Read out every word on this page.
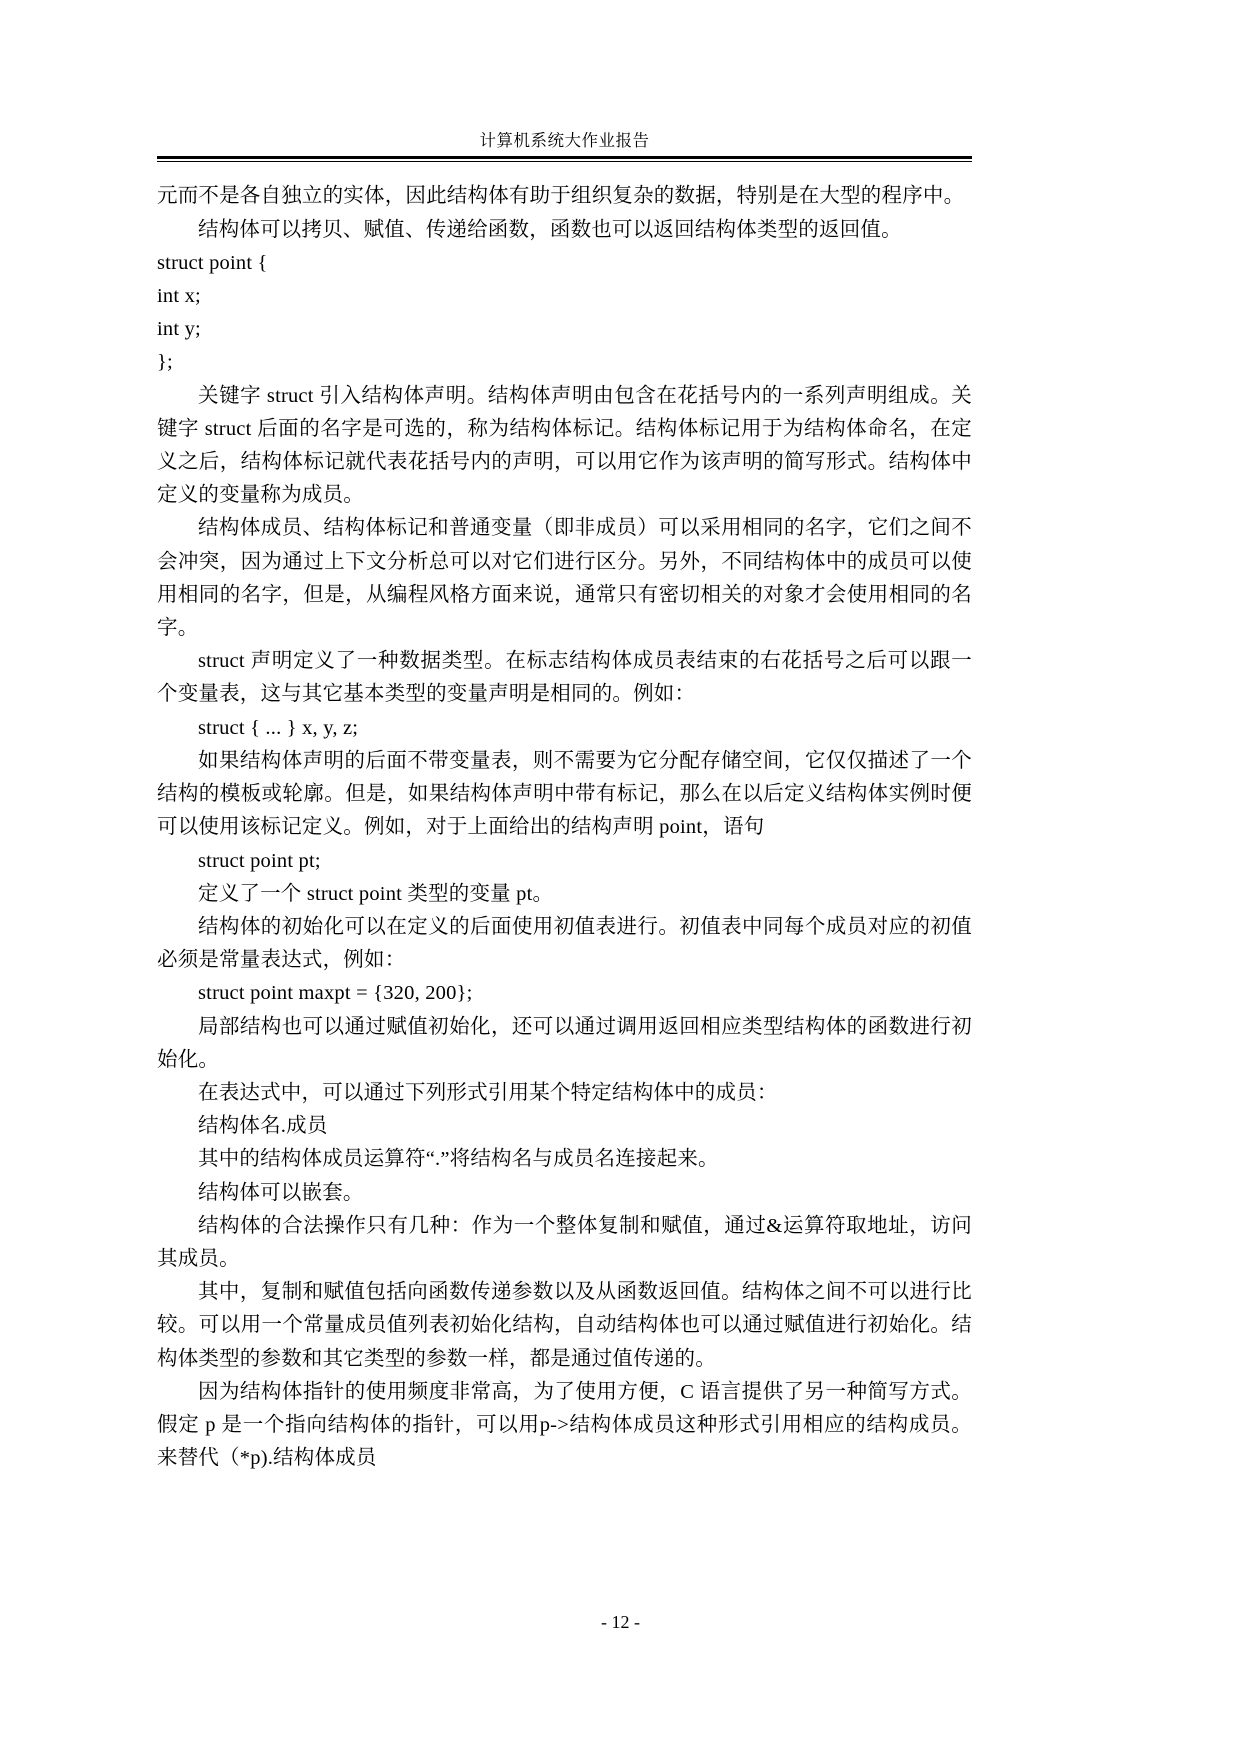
计算机系统大作业报告

元而不是各自独立的实体，因此结构体有助于组织复杂的数据，特别是在大型的程序中。

结构体可以拷贝、赋值、传递给函数，函数也可以返回结构体类型的返回值。

struct point {

int x;

int y;

};

关键字 struct 引入结构体声明。结构体声明由包含在花括号内的一系列声明组成。关键字 struct 后面的名字是可选的，称为结构体标记。结构体标记用于为结构体命名，在定义之后，结构体标记就代表花括号内的声明，可以用它作为该声明的简写形式。结构体中定义的变量称为成员。

结构体成员、结构体标记和普通变量（即非成员）可以采用相同的名字，它们之间不会冲突，因为通过上下文分析总可以对它们进行区分。另外，不同结构体中的成员可以使用相同的名字，但是，从编程风格方面来说，通常只有密切相关的对象才会使用相同的名字。

struct 声明定义了一种数据类型。在标志结构体成员表结束的右花括号之后可以跟一个变量表，这与其它基本类型的变量声明是相同的。例如：

struct { ... } x, y, z;

如果结构体声明的后面不带变量表，则不需要为它分配存储空间，它仅仅描述了一个结构的模板或轮廓。但是，如果结构体声明中带有标记，那么在以后定义结构体实例时便可以使用该标记定义。例如，对于上面给出的结构声明 point，语句

struct point pt;

定义了一个 struct point 类型的变量 pt。

结构体的初始化可以在定义的后面使用初值表进行。初值表中同每个成员对应的初值必须是常量表达式，例如：

struct point maxpt = {320, 200};

局部结构也可以通过赋值初始化，还可以通过调用返回相应类型结构体的函数进行初始化。

在表达式中，可以通过下列形式引用某个特定结构体中的成员：

结构体名.成员

其中的结构体成员运算符“.”将结构名与成员名连接起来。

结构体可以嵌套。

结构体的合法操作只有几种：作为一个整体复制和赋值，通过&运算符取地址，访问其成员。

其中，复制和赋值包括向函数传递参数以及从函数返回值。结构体之间不可以进行比较。可以用一个常量成员值列表初始化结构，自动结构体也可以通过赋值进行初始化。结构体类型的参数和其它类型的参数一样，都是通过值传递的。

因为结构体指针的使用频度非常高，为了使用方便，C 语言提供了另一种简写方式。假定 p 是一个指向结构体的指针，可以用p->结构体成员这种形式引用相应的结构成员。来替代（*p).结构体成员

- 12 -
